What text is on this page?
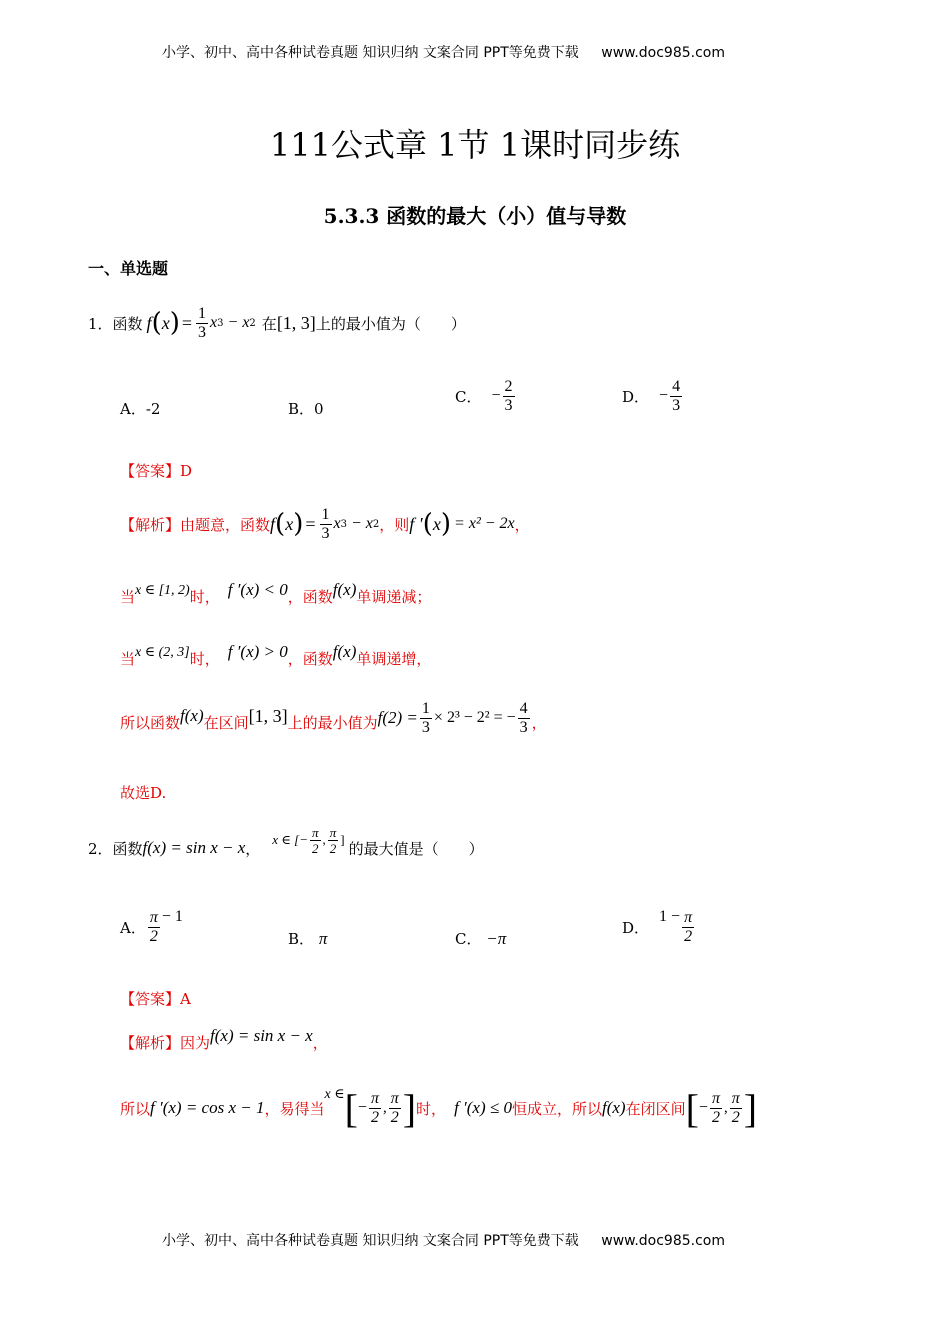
小学、初中、高中各种试卷真题 知识归纳 文案合同 PPT等免费下载 www.doc985.com
111公式章 1节 1课时同步练
5.3.3 函数的最大（小）值与导数
一、单选题
1．函数 f ( x ) = $\frac{1}{3}$ x 3 − x 2 在 [1, 3] 上的最小值为（　　）
A．-2	B．0
C． − $\frac{2}{3}$	D． − $\frac{4}{3}$
【答案】D
【解析】由题意，函数 f ( x ) = $\frac{1}{3}$ x 3 − x 2 ，则 f ′ ( x ) = x² − 2x ，
当 x ∈ [1, 2) 时， f ′(x) < 0 ，函数 f(x) 单调递减；
当 x ∈ (2, 3] 时， f ′(x) > 0 ，函数 f(x) 单调递增，
所以函数 f(x) 在区间 [1, 3] 上的最小值为 $f(2) = \frac{1}{3} \times 2^3 - 2^2$ = − $\frac{4}{3}$ ，
故选D.
2．函数 f(x) = sin x − x ， x ∈ [− $\frac{\pi}{2}$ , $\frac{\pi}{2}$ ] 的最大值是（　　）
A． $\frac{\pi}{2} - 1$
B． π	C． −π
D．
$1 - \frac{\pi}{2}$
【答案】A
【解析】因为 f(x) = sin x − x ，
所以 f ′(x) = cos x − 1 ，易得当
x ∈ [ − $\frac{\pi}{2}$ , $\frac{\pi}{2}$ ] 时， f ′(x) ≤ 0 恒成立，所以 f(x) 在闭区间 [ − $\frac{\pi}{2}$ , $\frac{\pi}{2}$ ]
小学、初中、高中各种试卷真题 知识归纳 文案合同 PPT等免费下载 www.doc985.com
